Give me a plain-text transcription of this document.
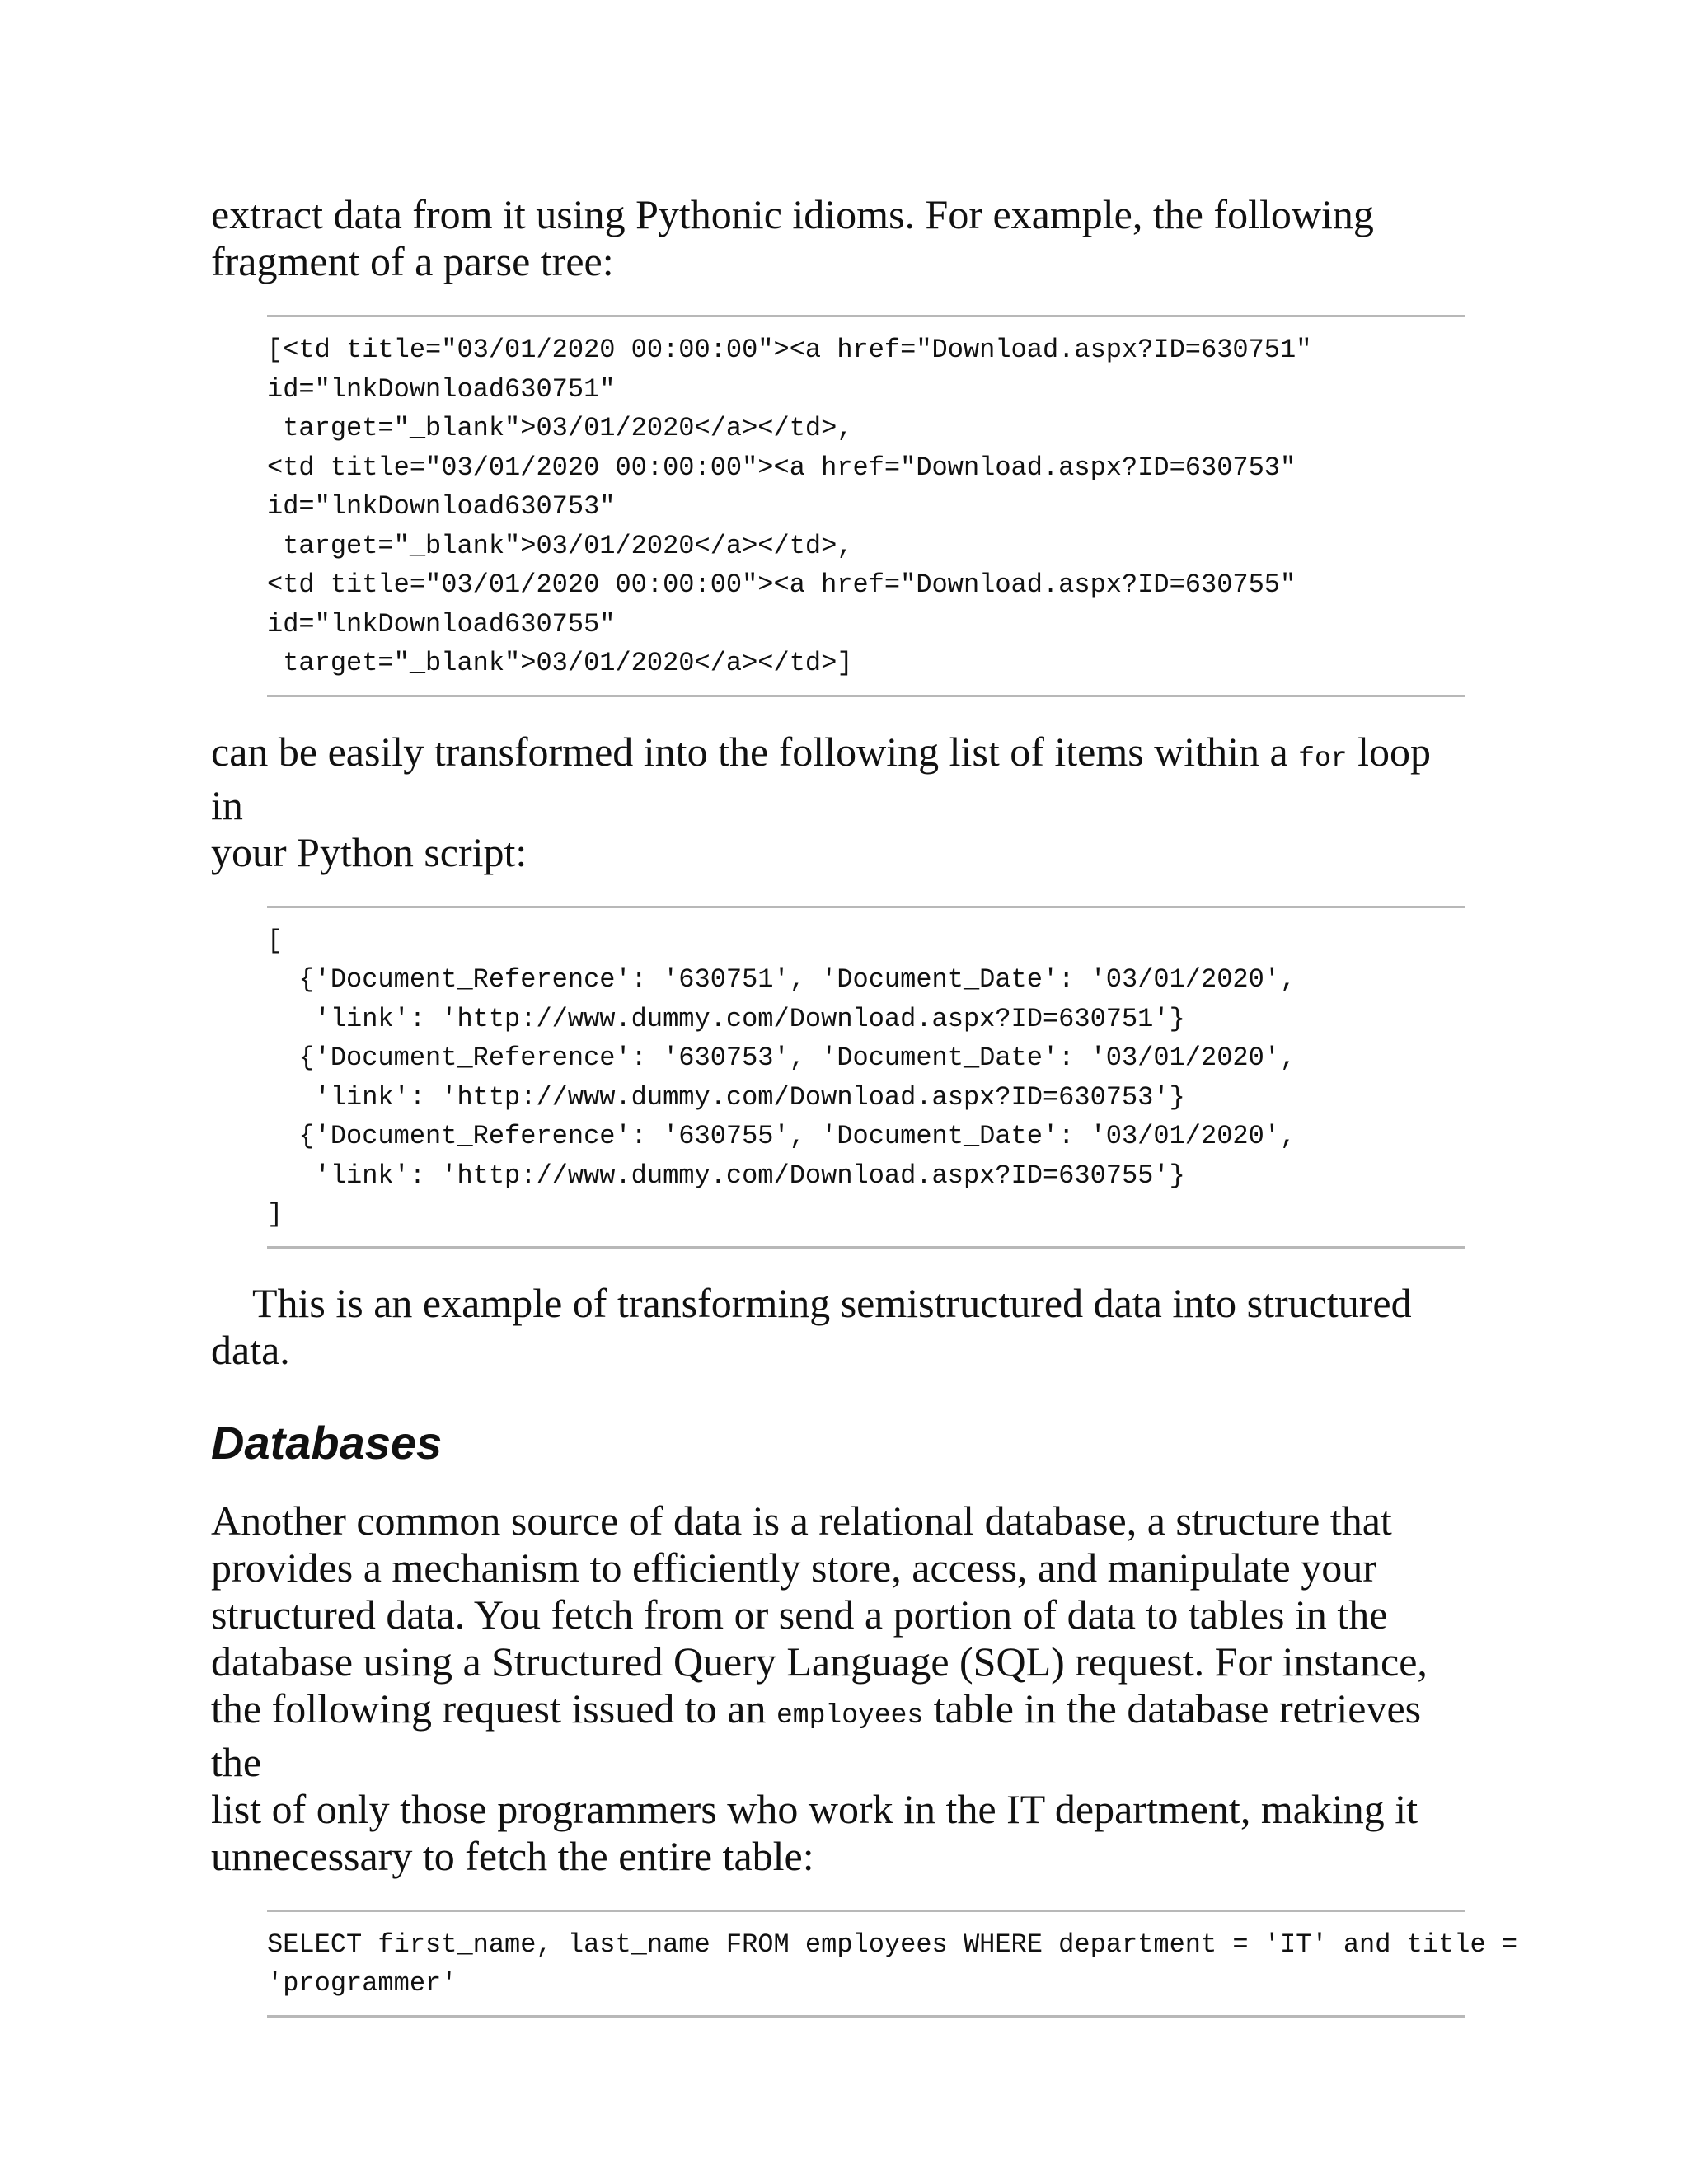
extract data from it using Pythonic idioms. For example, the following
fragment of a parse tree:

[<td title="03/01/2020 00:00:00"><a href="Download.aspx?ID=630751"
id="lnkDownload630751"
target="_blank">03/01/2020</a></td>,
<td title="03/01/2020 00:00:00"><a href="Download.aspx?ID=630753"
id="lnkDownload630753"
target="_blank">03/01/2020</a></td>,
<td title="03/01/2020 00:00:00"><a href="Download.aspx?ID=630755"
id="lnkDownload630755"
target="_blank">03/01/2020</a></td>]

can be easily transformed into the following list of items within a for loop in
your Python script:

[
{'Document_Reference': '630751', 'Document_Date': '03/01/2020',
'link': 'http://www.dummy.com/Download.aspx?ID=630751'}
{'Document_Reference': '630753', 'Document_Date': '03/01/2020',
'link': 'http://www.dummy.com/Download.aspx?ID=630753'}
{'Document_Reference': '630755', 'Document_Date': '03/01/2020',
'link': 'http://www.dummy.com/Download.aspx?ID=630755'}
]

This is an example of transforming semistructured data into structured
data.

Databases

Another common source of data is a relational database, a structure that
provides a mechanism to efficiently store, access, and manipulate your
structured data. You fetch from or send a portion of data to tables in the
database using a Structured Query Language (SQL) request. For instance,
the following request issued to an employees table in the database retrieves the
list of only those programmers who work in the IT department, making it
unnecessary to fetch the entire table:

SELECT first_name, last_name FROM employees WHERE department = 'IT' and title =
'programmer'
